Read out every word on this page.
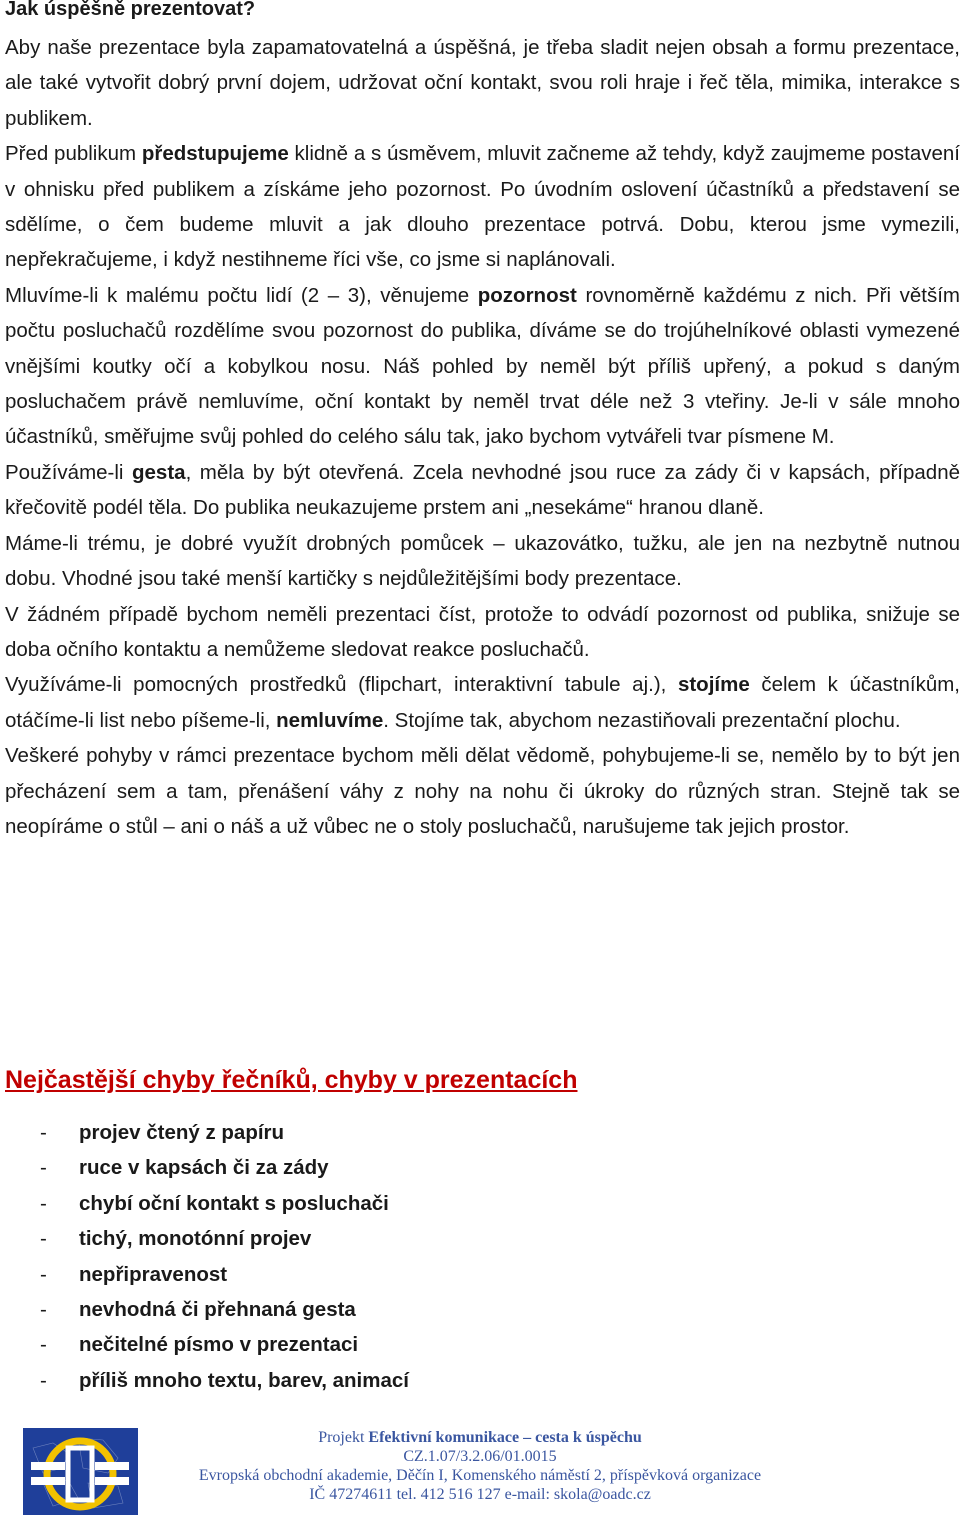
Jak úspěšně prezentovat?

Aby naše prezentace byla zapamatovatelná a úspěšná, je třeba sladit nejen obsah a formu prezentace, ale také vytvořit dobrý první dojem, udržovat oční kontakt, svou roli hraje i řeč těla, mimika, interakce s publikem.

Před publikum předstupujeme klidně a s úsměvem, mluvit začneme až tehdy, když zaujmeme postavení v ohnisku před publikem a získáme jeho pozornost. Po úvodním oslovení účastníků a představení se sdělíme, o čem budeme mluvit a jak dlouho prezentace potrvá. Dobu, kterou jsme vymezili, nepřekračujeme, i když nestihneme říci vše, co jsme si naplánovali.

Mluvíme-li k malému počtu lidí (2 – 3), věnujeme pozornost rovnoměrně každému z nich. Při větším počtu posluchačů rozdělíme svou pozornost do publika, díváme se do trojúhelníkové oblasti vymezené vnějšími koutky očí a kobylkou nosu. Náš pohled by neměl být příliš upřený, a pokud s daným posluchačem právě nemluvíme, oční kontakt by neměl trvat déle než 3 vteřiny. Je-li v sále mnoho účastníků, směřujme svůj pohled do celého sálu tak, jako bychom vytvářeli tvar písmene M.

Používáme-li gesta, měla by být otevřená. Zcela nevhodné jsou ruce za zády či v kapsách, případně křečovitě podél těla. Do publika neukazujeme prstem ani „nesekáme“ hranou dlaně.

Máme-li trému, je dobré využít drobných pomůcek – ukazovátko, tužku, ale jen na nezbytně nutnou dobu. Vhodné jsou také menší kartičky s nejdůležitějšími body prezentace.

V žádném případě bychom neměli prezentaci číst, protože to odvádí pozornost od publika, snižuje se doba očního kontaktu a nemůžeme sledovat reakce posluchačů.

Využíváme-li pomocných prostředků (flipchart, interaktivní tabule aj.), stojíme čelem k účastníkům, otáčíme-li list nebo píšeme-li, nemluvíme. Stojíme tak, abychom nezastiňovali prezentační plochu.

Veškeré pohyby v rámci prezentace bychom měli dělat vědomě, pohybujeme-li se, nemělo by to být jen přecházení sem a tam, přenášení váhy z nohy na nohu či úkroky do různých stran. Stejně tak se neopíráme o stůl – ani o náš a už vůbec ne o stoly posluchačů, narušujeme tak jejich prostor.

Nejčastější chyby řečníků, chyby v prezentacích
- projev čtený z papíru
- ruce v kapsách či za zády
- chybí oční kontakt s posluchači
- tichý, monotónní projev
- nepřipravenost
- nevhodná či přehnaná gesta
- nečitelné písmo v prezentaci
- příliš mnoho textu, barev, animací
Projekt Efektivní komunikace – cesta k úspěchu
CZ.1.07/3.2.06/01.0015
Evropská obchodní akademie, Děčín I, Komenského náměstí 2, příspěvková organizace
IČ 47274611 tel. 412 516 127 e-mail: skola@oadc.cz
